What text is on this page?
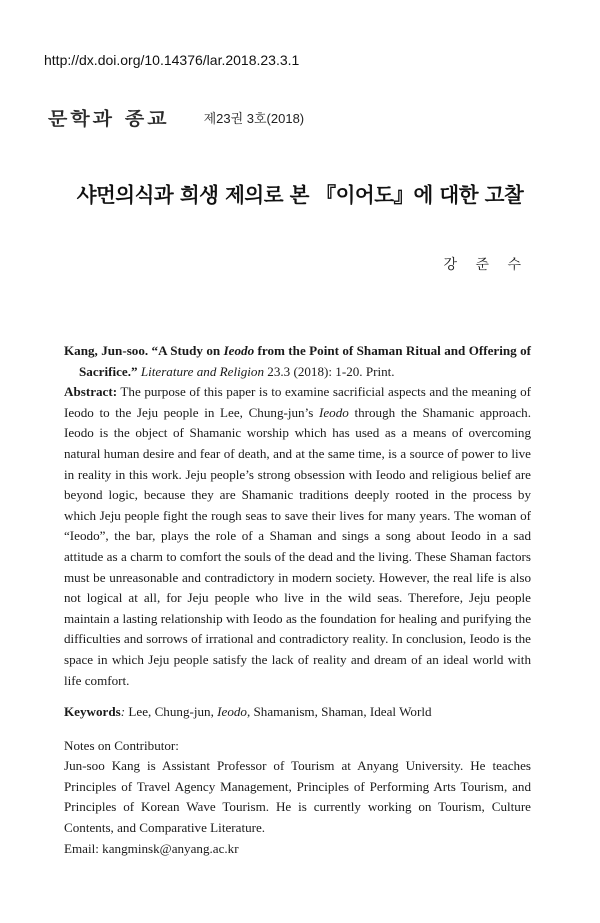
http://dx.doi.org/10.14376/lar.2018.23.3.1
문학과 종교	제23권 3호(2018)
샤먼의식과 희생 제의로 본 『이어도』에 대한 고찰
강 준 수
Kang, Jun-soo. “A Study on Ieodo from the Point of Shaman Ritual and Offering of Sacrifice.” Literature and Religion 23.3 (2018): 1-20. Print.
Abstract: The purpose of this paper is to examine sacrificial aspects and the meaning of Ieodo to the Jeju people in Lee, Chung-jun’s Ieodo through the Shamanic approach. Ieodo is the object of Shamanic worship which has used as a means of overcoming natural human desire and fear of death, and at the same time, is a source of power to live in reality in this work. Jeju people’s strong obsession with Ieodo and religious belief are beyond logic, because they are Shamanic traditions deeply rooted in the process by which Jeju people fight the rough seas to save their lives for many years. The woman of “Ieodo”, the bar, plays the role of a Shaman and sings a song about Ieodo in a sad attitude as a charm to comfort the souls of the dead and the living. These Shaman factors must be unreasonable and contradictory in modern society. However, the real life is also not logical at all, for Jeju people who live in the wild seas. Therefore, Jeju people maintain a lasting relationship with Ieodo as the foundation for healing and purifying the difficulties and sorrows of irrational and contradictory reality. In conclusion, Ieodo is the space in which Jeju people satisfy the lack of reality and dream of an ideal world with life comfort.
Keywords: Lee, Chung-jun, Ieodo, Shamanism, Shaman, Ideal World
Notes on Contributor:
Jun-soo Kang is Assistant Professor of Tourism at Anyang University. He teaches Principles of Travel Agency Management, Principles of Performing Arts Tourism, and Principles of Korean Wave Tourism. He is currently working on Tourism, Culture Contents, and Comparative Literature.
Email: kangminsk@anyang.ac.kr
